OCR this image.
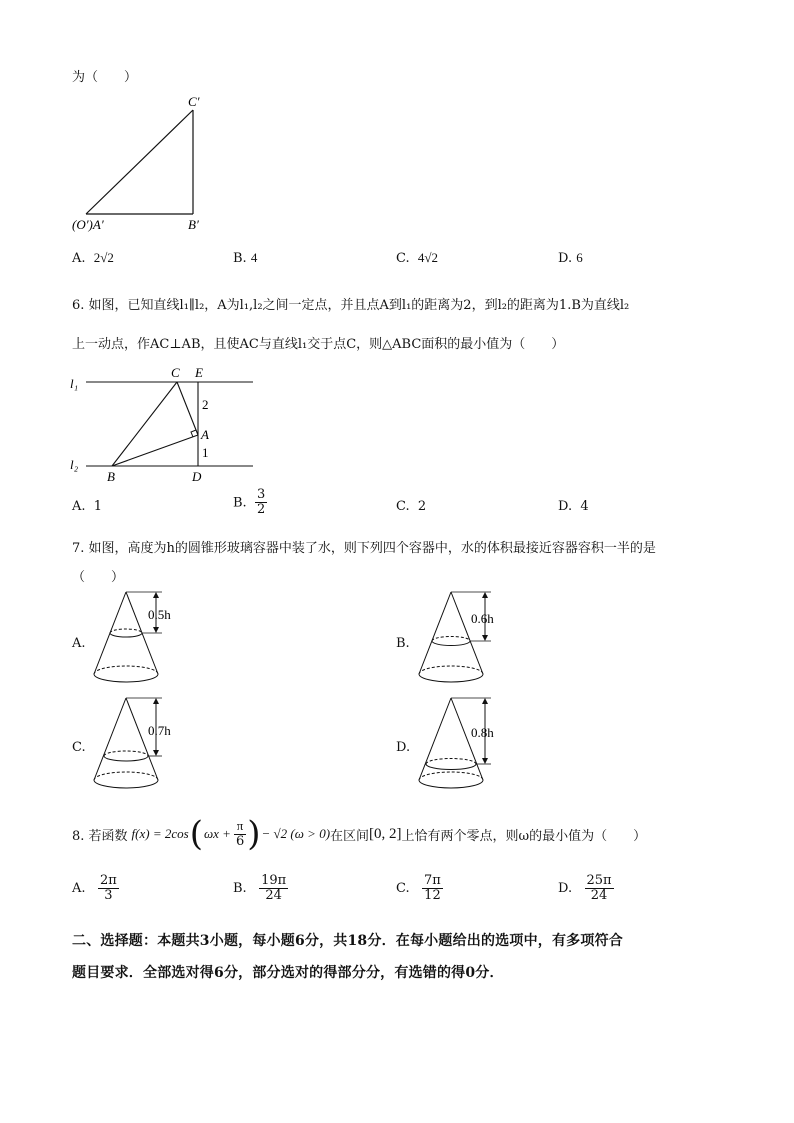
为（　　）
C′
B′
(O′)A′
A. 2√2	B. 4	C. 4√2	D. 6
6. 如图，已知直线l₁∥l₂，A为l₁,l₂之间一定点，并且点A到l₁的距离为2，到l₂的距离为1.B为直线l₂
上一动点，作AC⊥AB，且使AC与直线l₁交于点C，则△ABC面积的最小值为（　　）
l₁
l₂
C E
A
B	D
2
1
A. 1	B. $\frac{3}{2}$	C. 2	D. 4
7. 如图，高度为h的圆锥形玻璃容器中装了水，则下列四个容器中，水的体积最接近容器容积一半的是
（　　）
A.
0.5h
B.
0.6h
C.
0.7h
D.
0.8h
8. 若函数 f(x) = 2cos ( $\omega x + \frac{\pi}{6}$ ) − √2 (ω > 0) 在区间 [0, 2] 上恰有两个零点，则ω的最小值为（　　）
A.
$\frac{2\pi}{3}$	B.
$\frac{19\pi}{24}$	C.
$\frac{7\pi}{12}$	D.
$\frac{25\pi}{24}$
二、选择题：本题共3小题，每小题6分，共18分．在每小题给出的选项中，有多项符合
题目要求．全部选对得6分，部分选对的得部分分，有选错的得0分．
